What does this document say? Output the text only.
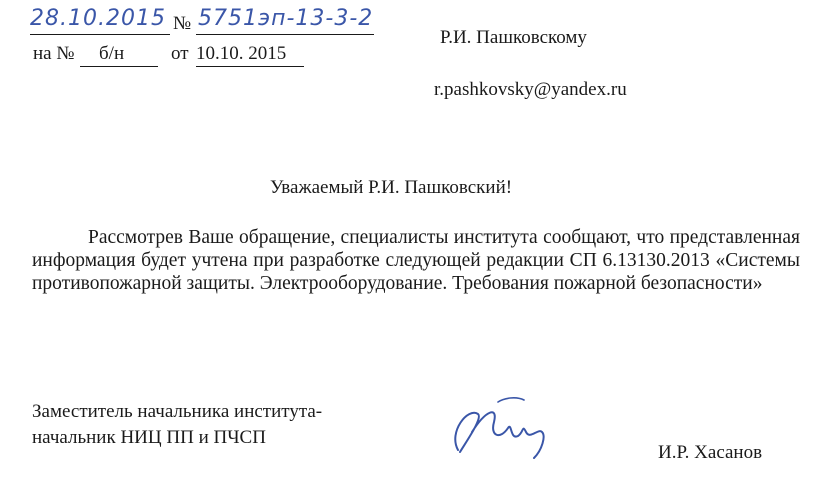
28.10.2015 № 5751эп-13-3-2
на № б/н от 10.10. 2015
Р.И. Пашковскому
r.pashkovsky@yandex.ru
Уважаемый Р.И. Пашковский!
Рассмотрев Ваше обращение, специалисты института сообщают, что представленная информация будет учтена при разработке следующей редакции СП 6.13130.2013 «Системы противопожарной защиты. Электрооборудование. Требования пожарной безопасности»
Заместитель начальника института-
начальник НИЦ ПП и ПЧСП
И.Р. Хасанов
